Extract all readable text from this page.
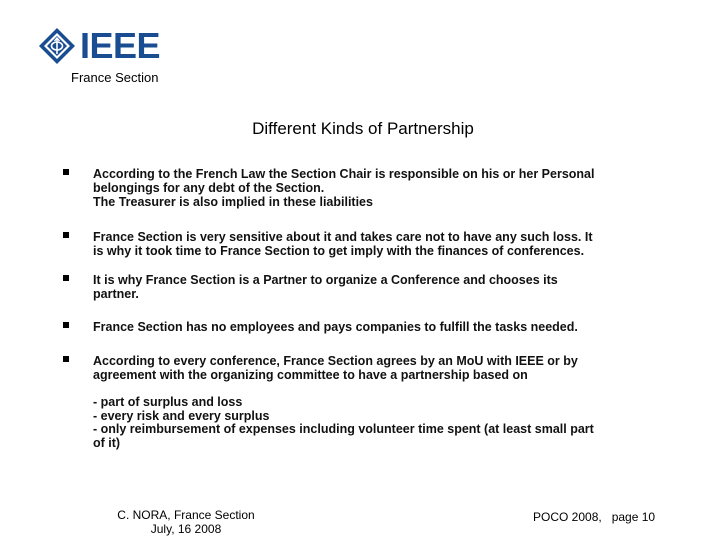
IEEE
France Section
Different Kinds of Partnership
According to the French Law the Section Chair is responsible on his or her Personal
belongings for any debt of the Section.
The Treasurer is also implied in these liabilities
France Section is very sensitive about it and takes care not to have any such loss. It
is why it took time to France Section to get imply with the finances of conferences.
It is why France Section is a Partner to organize a Conference and chooses its
partner.
France Section has no employees and pays companies to fulfill the tasks needed.
According to every conference, France Section agrees by an MoU with IEEE or by
agreement with the organizing committee to have a partnership based on
- part of surplus and loss
- every risk and every surplus
- only reimbursement of expenses including volunteer time spent (at least small part
of it)
C. NORA, France Section
July, 16 2008
POCO 2008,   page 10
